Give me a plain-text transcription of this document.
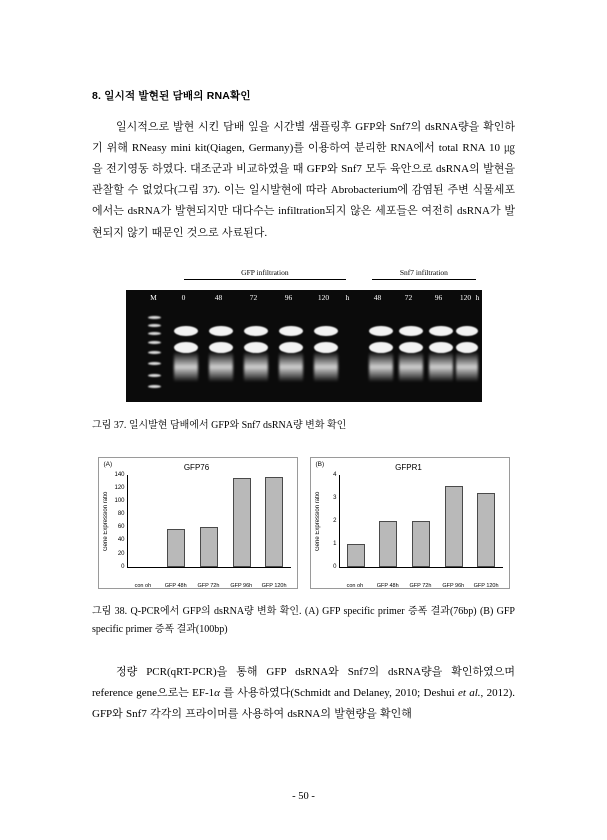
8. 일시적 발현된 담배의 RNA확인

일시적으로 발현 시킨 담배 잎을 시간별 샘플링후 GFP와 Snf7의 dsRNA량을 확인하기 위해 RNeasy mini kit(Qiagen, Germany)를 이용하여 분리한 RNA에서 total RNA 10 ㎍을 전기영동 하였다. 대조군과 비교하였을 때 GFP와 Snf7 모두 육안으로 dsRNA의 발현을 관찰할 수 없었다(그림 37). 이는 일시발현에 따라 Abrobacterium에 감염된 주변 식물세포에서는 dsRNA가 발현되지만 대다수는 infiltration되지 않은 세포들은 여전히 dsRNA가 발현되지 않기 때문인 것으로 사료된다.

GFP infiltration	Snf7 infiltration
M	0	48	72	96	120 h	48	72	96 120 h

그림 37. 일시발현 담배에서 GFP와 Snf7 dsRNA량 변화 확인

(A)	GFP76
Gene Expression ratio
0
20
40
60
80
100
120
140
con oh	GFP 48h	GFP 72h	GFP 96h	GFP 120h
(B)	GFPR1
Gene Expression ratio
0
1
2
3
4
con oh	GFP 48h	GFP 72h	GFP 96h	GFP 120h

그림 38. Q-PCR에서 GFP의 dsRNA량 변화 확인. (A) GFP specific primer 증폭 결과(76bp) (B) GFP specific primer 증폭 결과(100bp)

정량 PCR(qRT-PCR)을 통해 GFP dsRNA와 Snf7의 dsRNA량을 확인하였으며 reference gene으로는 EF-1α 를 사용하였다(Schmidt and Delaney, 2010; Deshui et al., 2012). GFP와 Snf7 각각의 프라이머를 사용하여 dsRNA의 발현량을 확인해

- 50 -
